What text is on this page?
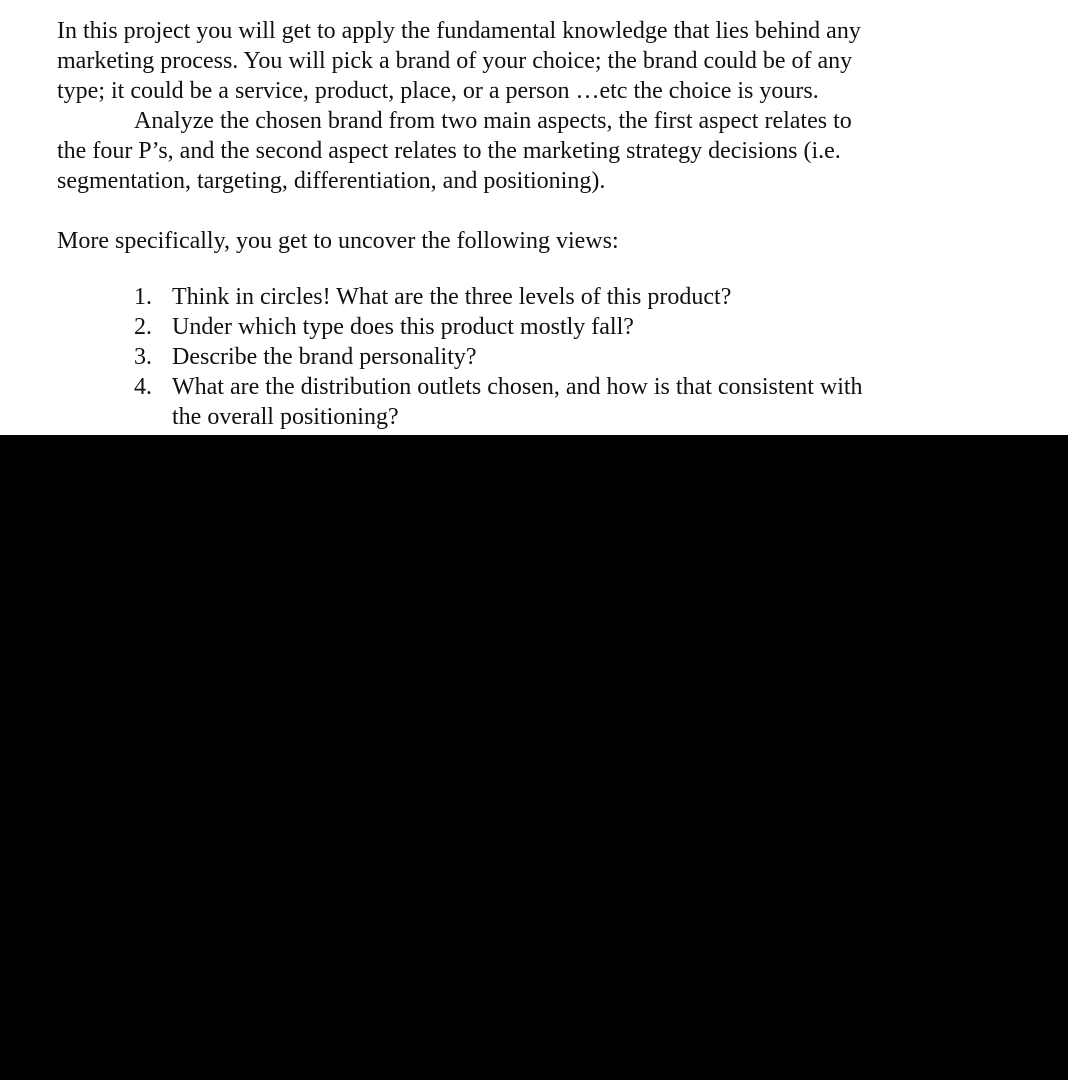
In this project you will get to apply the fundamental knowledge that lies behind any
marketing process. You will pick a brand of your choice; the brand could be of any
type; it could be a service, product, place, or a person …etc the choice is yours.
Analyze the chosen brand from two main aspects, the first aspect relates to
the four P’s, and the second aspect relates to the marketing strategy decisions (i.e.
segmentation, targeting, differentiation, and positioning).
More specifically, you get to uncover the following views:
1. Think in circles! What are the three levels of this product?
2. Under which type does this product mostly fall?
3. Describe the brand personality?
4. What are the distribution outlets chosen, and how is that consistent with
the overall positioning?
